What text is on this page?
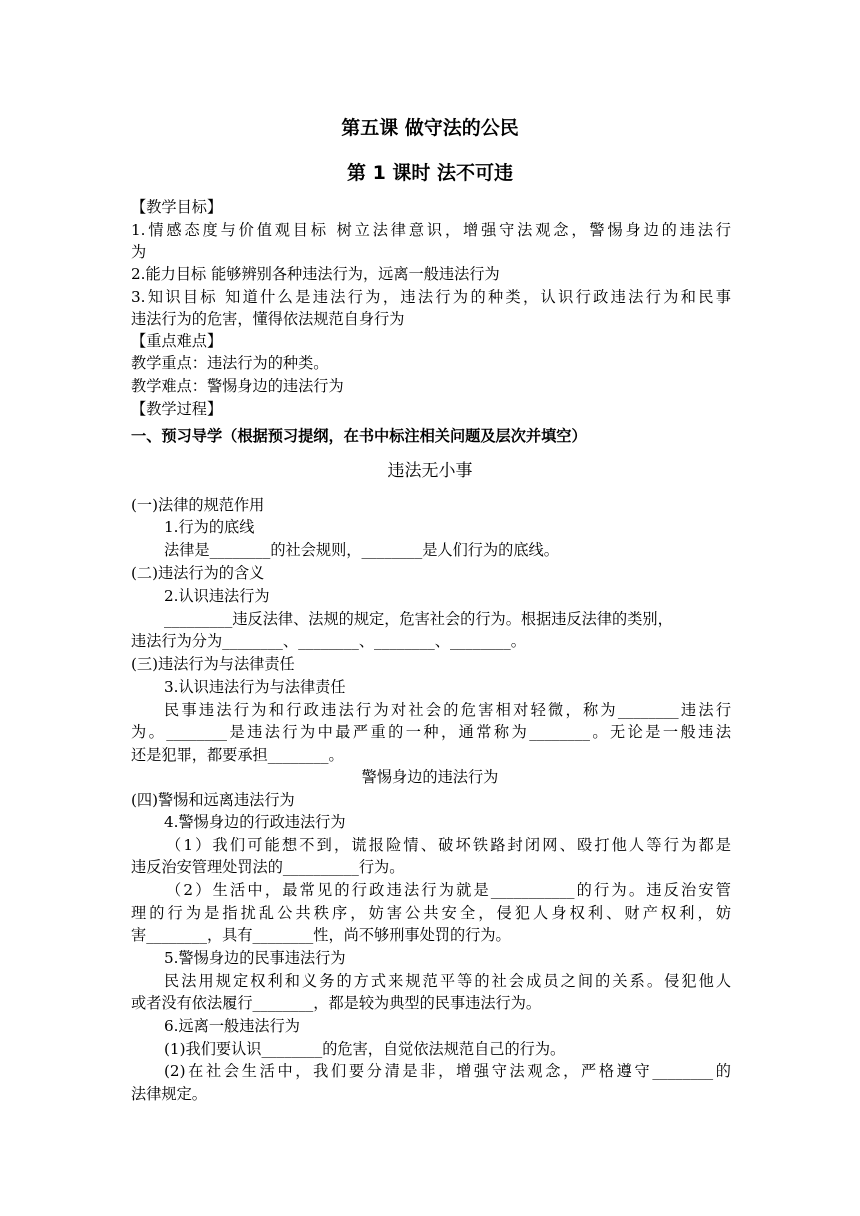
第五课 做守法的公民
第 1 课时 法不可违
【教学目标】
1.情感态度与价值观目标 树立法律意识，增强守法观念，警惕身边的违法行
为
2.能力目标 能够辨别各种违法行为，远离一般违法行为
3.知识目标 知道什么是违法行为，违法行为的种类，认识行政违法行为和民事
违法行为的危害，懂得依法规范自身行为
【重点难点】
教学重点：违法行为的种类。
教学难点：警惕身边的违法行为
【教学过程】
一、预习导学（根据预习提纲，在书中标注相关问题及层次并填空）
违法无小事
(一)法律的规范作用
1.行为的底线
法律是________的社会规则，________是人们行为的底线。
(二)违法行为的含义
2.认识违法行为
_________违反法律、法规的规定，危害社会的行为。根据违反法律的类别，
违法行为分为________、________、________、________。
(三)违法行为与法律责任
3.认识违法行为与法律责任
民事违法行为和行政违法行为对社会的危害相对轻微，称为________违法行
为。________是违法行为中最严重的一种，通常称为________。无论是一般违法
还是犯罪，都要承担________。
警惕身边的违法行为
(四)警惕和远离违法行为
4.警惕身边的行政违法行为
（1）我们可能想不到，谎报险情、破坏铁路封闭网、殴打他人等行为都是
违反治安管理处罚法的__________行为。
（2）生活中，最常见的行政违法行为就是___________的行为。违反治安管
理的行为是指扰乱公共秩序，妨害公共安全，侵犯人身权利、财产权利，妨
害________，具有________性，尚不够刑事处罚的行为。
5.警惕身边的民事违法行为
民法用规定权利和义务的方式来规范平等的社会成员之间的关系。侵犯他人
或者没有依法履行________，都是较为典型的民事违法行为。
6.远离一般违法行为
(1)我们要认识________的危害，自觉依法规范自己的行为。
(2)在社会生活中，我们要分清是非，增强守法观念，严格遵守________的
法律规定。
